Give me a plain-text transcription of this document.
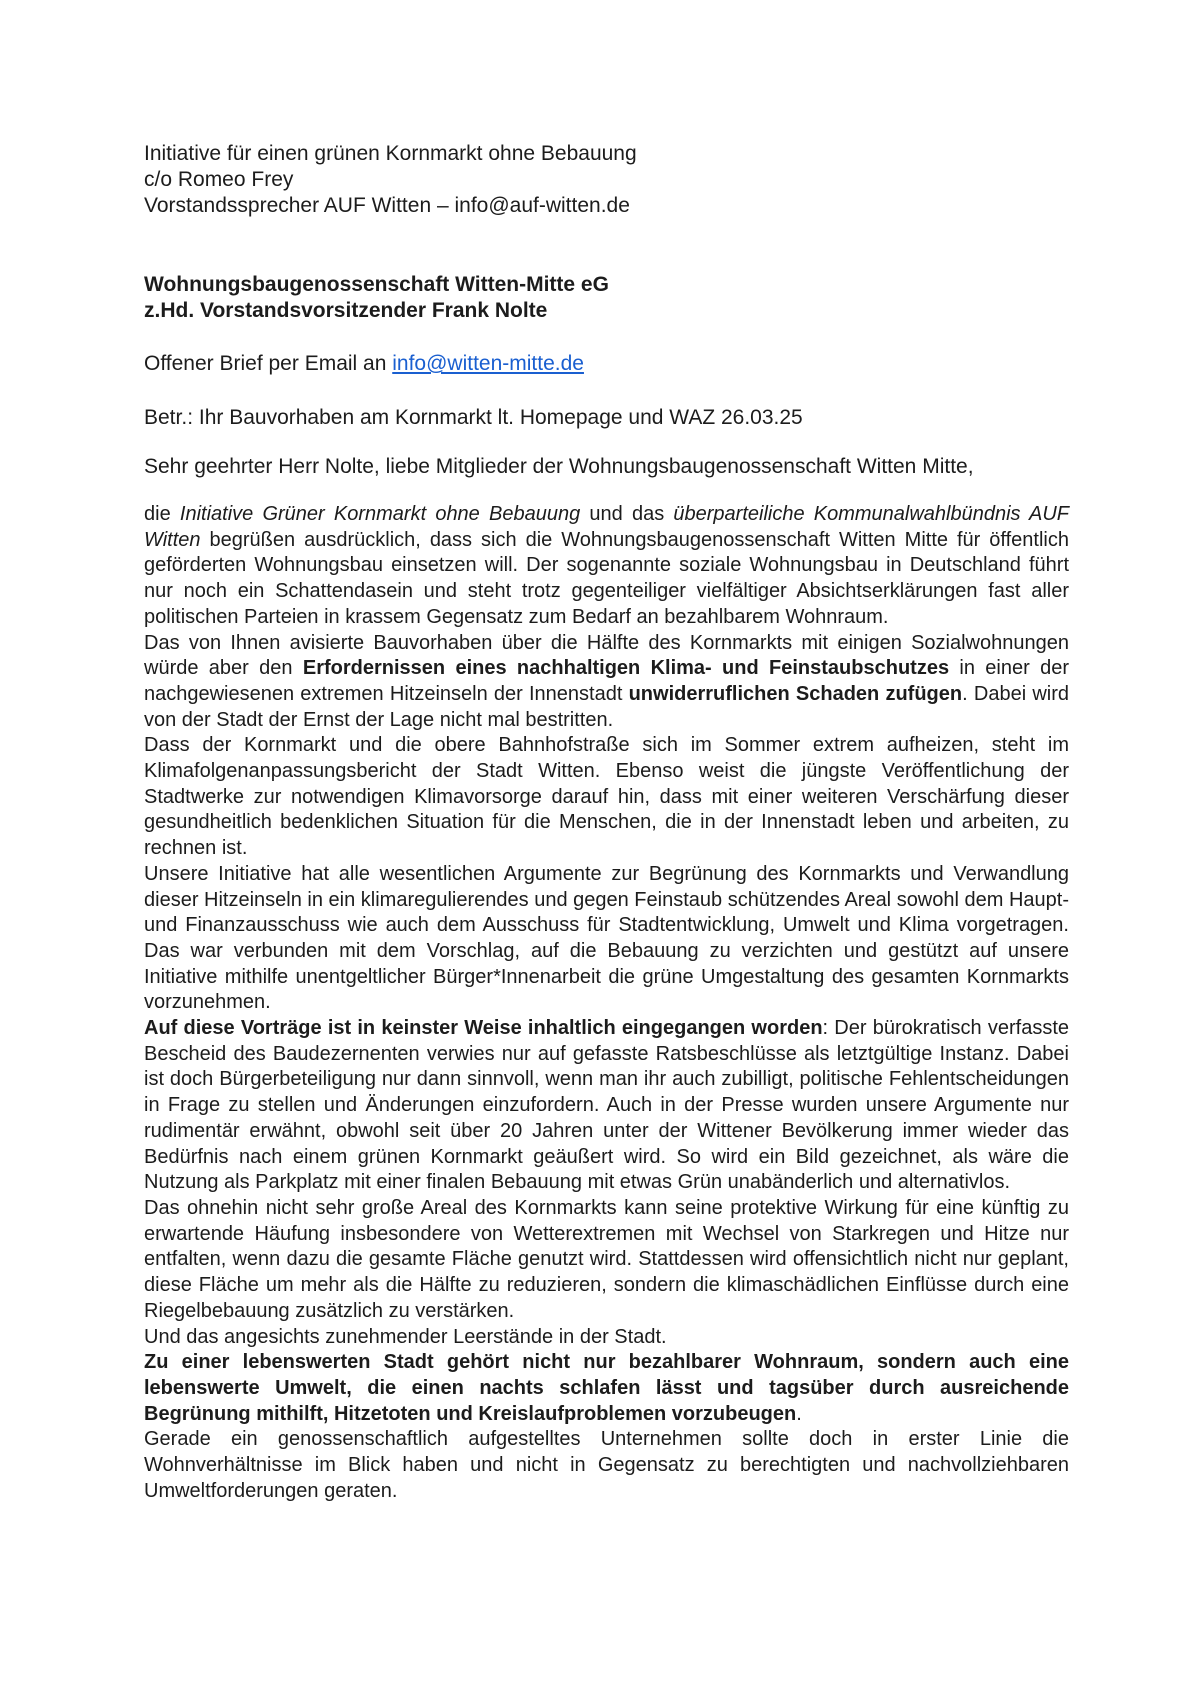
Initiative für einen grünen Kornmarkt ohne Bebauung
c/o Romeo Frey
Vorstandssprecher AUF Witten – info@auf-witten.de
Wohnungsbaugenossenschaft Witten-Mitte eG
z.Hd. Vorstandsvorsitzender Frank Nolte
Offener Brief per Email an info@witten-mitte.de
Betr.: Ihr Bauvorhaben am Kornmarkt lt. Homepage und WAZ 26.03.25
Sehr geehrter Herr Nolte, liebe Mitglieder der Wohnungsbaugenossenschaft Witten Mitte,

die Initiative Grüner Kornmarkt ohne Bebauung und das überparteiliche Kommunalwahlbündnis AUF Witten begrüßen ausdrücklich, dass sich die Wohnungsbaugenossenschaft Witten Mitte für öffentlich geförderten Wohnungsbau einsetzen will. Der sogenannte soziale Wohnungsbau in Deutschland führt nur noch ein Schattendasein und steht trotz gegenteiliger vielfältiger Absichtserklärungen fast aller politischen Parteien in krassem Gegensatz zum Bedarf an bezahlbarem Wohnraum.

Das von Ihnen avisierte Bauvorhaben über die Hälfte des Kornmarkts mit einigen Sozialwohnungen würde aber den Erfordernissen eines nachhaltigen Klima- und Feinstaubschutzes in einer der nachgewiesenen extremen Hitzeinseln der Innenstadt unwiderruflichen Schaden zufügen. Dabei wird von der Stadt der Ernst der Lage nicht mal bestritten.

Dass der Kornmarkt und die obere Bahnhofstraße sich im Sommer extrem aufheizen, steht im Klimafolgenanpassungsbericht der Stadt Witten. Ebenso weist die jüngste Veröffentlichung der Stadtwerke zur notwendigen Klimavorsorge darauf hin, dass mit einer weiteren Verschärfung dieser gesundheitlich bedenklichen Situation für die Menschen, die in der Innenstadt leben und arbeiten, zu rechnen ist.

Unsere Initiative hat alle wesentlichen Argumente zur Begrünung des Kornmarkts und Verwandlung dieser Hitzeinseln in ein klimaregulierendes und gegen Feinstaub schützendes Areal sowohl dem Haupt- und Finanzausschuss wie auch dem Ausschuss für Stadtentwicklung, Umwelt und Klima vorgetragen. Das war verbunden mit dem Vorschlag, auf die Bebauung zu verzichten und gestützt auf unsere Initiative mithilfe unentgeltlicher Bürger*Innenarbeit die grüne Umgestaltung des gesamten Kornmarkts vorzunehmen.

Auf diese Vorträge ist in keinster Weise inhaltlich eingegangen worden: Der bürokratisch verfasste Bescheid des Baudezernenten verwies nur auf gefasste Ratsbeschlüsse als letztgültige Instanz. Dabei ist doch Bürgerbeteiligung nur dann sinnvoll, wenn man ihr auch zubilligt, politische Fehlentscheidungen in Frage zu stellen und Änderungen einzufordern. Auch in der Presse wurden unsere Argumente nur rudimentär erwähnt, obwohl seit über 20 Jahren unter der Wittener Bevölkerung immer wieder das Bedürfnis nach einem grünen Kornmarkt geäußert wird. So wird ein Bild gezeichnet, als wäre die Nutzung als Parkplatz mit einer finalen Bebauung mit etwas Grün unabänderlich und alternativlos.

Das ohnehin nicht sehr große Areal des Kornmarkts kann seine protektive Wirkung für eine künftig zu erwartende Häufung insbesondere von Wetterextremen mit Wechsel von Starkregen und Hitze nur entfalten, wenn dazu die gesamte Fläche genutzt wird. Stattdessen wird offensichtlich nicht nur geplant, diese Fläche um mehr als die Hälfte zu reduzieren, sondern die klimaschädlichen Einflüsse durch eine Riegelbebauung zusätzlich zu verstärken.

Und das angesichts zunehmender Leerstände in der Stadt.

Zu einer lebenswerten Stadt gehört nicht nur bezahlbarer Wohnraum, sondern auch eine lebenswerte Umwelt, die einen nachts schlafen lässt und tagsüber durch ausreichende Begrünung mithilft, Hitzetoten und Kreislaufproblemen vorzubeugen.

Gerade ein genossenschaftlich aufgestelltes Unternehmen sollte doch in erster Linie die Wohnverhältnisse im Blick haben und nicht in Gegensatz zu berechtigten und nachvollziehbaren Umweltforderungen geraten.
